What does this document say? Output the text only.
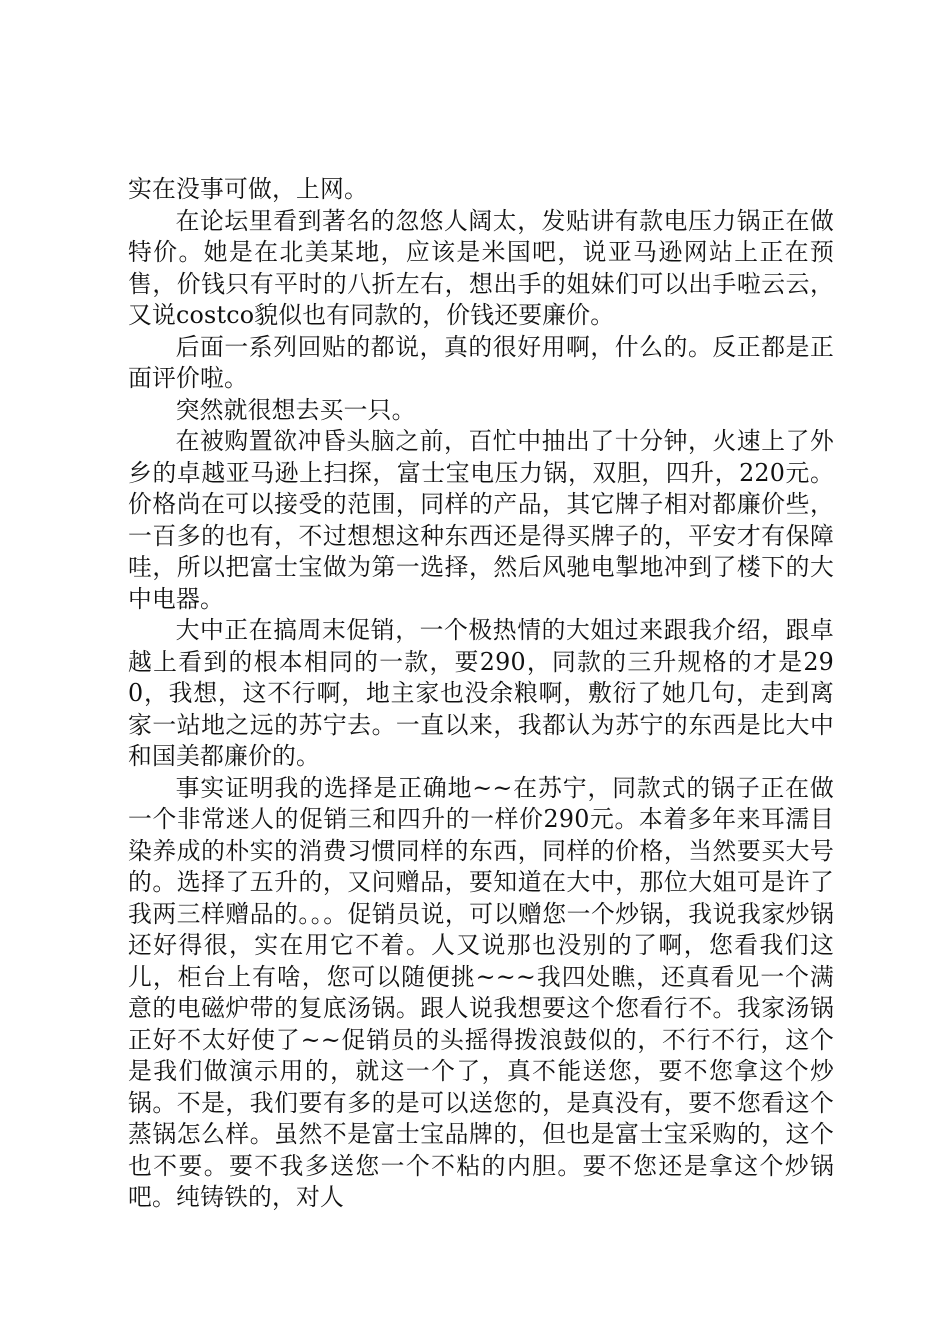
实在没事可做，上网。

在论坛里看到著名的忽悠人阔太，发贴讲有款电压力锅正在做特价。她是在北美某地，应该是米国吧，说亚马逊网站上正在预售，价钱只有平时的八折左右，想出手的姐妹们可以出手啦云云，又说costco貌似也有同款的，价钱还要廉价。

后面一系列回贴的都说，真的很好用啊，什么的。反正都是正面评价啦。

突然就很想去买一只。

在被购置欲冲昏头脑之前，百忙中抽出了十分钟，火速上了外乡的卓越亚马逊上扫探，富士宝电压力锅，双胆，四升，220元。价格尚在可以接受的范围，同样的产品，其它牌子相对都廉价些，一百多的也有，不过想想这种东西还是得买牌子的，平安才有保障哇，所以把富士宝做为第一选择，然后风驰电掣地冲到了楼下的大中电器。

大中正在搞周末促销，一个极热情的大姐过来跟我介绍，跟卓越上看到的根本相同的一款，要290，同款的三升规格的才是290，我想，这不行啊，地主家也没余粮啊，敷衍了她几句，走到离家一站地之远的苏宁去。一直以来，我都认为苏宁的东西是比大中和国美都廉价的。

事实证明我的选择是正确地~~在苏宁，同款式的锅子正在做一个非常迷人的促销三和四升的一样价290元。本着多年来耳濡目染养成的朴实的消费习惯同样的东西，同样的价格，当然要买大号的。选择了五升的，又问赠品，要知道在大中，那位大姐可是许了我两三样赠品的。。。促销员说，可以赠您一个炒锅，我说我家炒锅还好得很，实在用它不着。人又说那也没别的了啊，您看我们这儿，柜台上有啥，您可以随便挑~~~我四处瞧，还真看见一个满意的电磁炉带的复底汤锅。跟人说我想要这个您看行不。我家汤锅正好不太好使了~~促销员的头摇得拨浪鼓似的，不行不行，这个是我们做演示用的，就这一个了，真不能送您，要不您拿这个炒锅。不是，我们要有多的是可以送您的，是真没有，要不您看这个蒸锅怎么样。虽然不是富士宝品牌的，但也是富士宝采购的，这个也不要。要不我多送您一个不粘的内胆。要不您还是拿这个炒锅吧。纯铸铁的，对人
